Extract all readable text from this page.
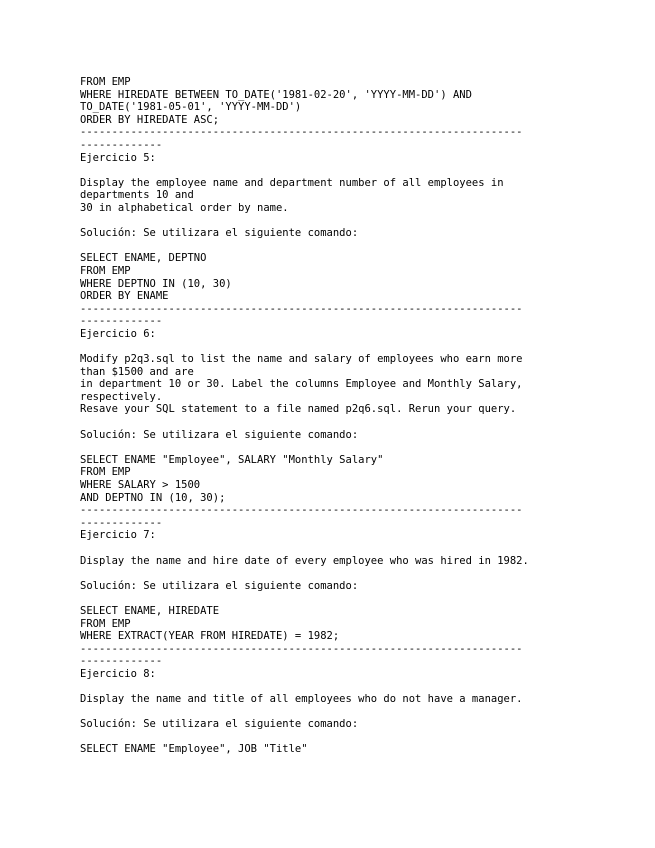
FROM EMP
WHERE HIREDATE BETWEEN TO_DATE('1981-02-20', 'YYYY-MM-DD') AND
TO_DATE('1981-05-01', 'YYYY-MM-DD')
ORDER BY HIREDATE ASC;
----------------------------------------------------------------------
-------------
Ejercicio 5:
Display the employee name and department number of all employees in
departments 10 and
30 in alphabetical order by name.
Solución: Se utilizara el siguiente comando:
SELECT ENAME, DEPTNO
FROM EMP
WHERE DEPTNO IN (10, 30)
ORDER BY ENAME
----------------------------------------------------------------------
-------------
Ejercicio 6:
Modify p2q3.sql to list the name and salary of employees who earn more
than $1500 and are
in department 10 or 30. Label the columns Employee and Monthly Salary,
respectively.
Resave your SQL statement to a file named p2q6.sql. Rerun your query.
Solución: Se utilizara el siguiente comando:
SELECT ENAME "Employee", SALARY "Monthly Salary"
FROM EMP
WHERE SALARY > 1500
AND DEPTNO IN (10, 30);
----------------------------------------------------------------------
-------------
Ejercicio 7:
Display the name and hire date of every employee who was hired in 1982.
Solución: Se utilizara el siguiente comando:
SELECT ENAME, HIREDATE
FROM EMP
WHERE EXTRACT(YEAR FROM HIREDATE) = 1982;
----------------------------------------------------------------------
-------------
Ejercicio 8:
Display the name and title of all employees who do not have a manager.
Solución: Se utilizara el siguiente comando:
SELECT ENAME "Employee", JOB "Title"
